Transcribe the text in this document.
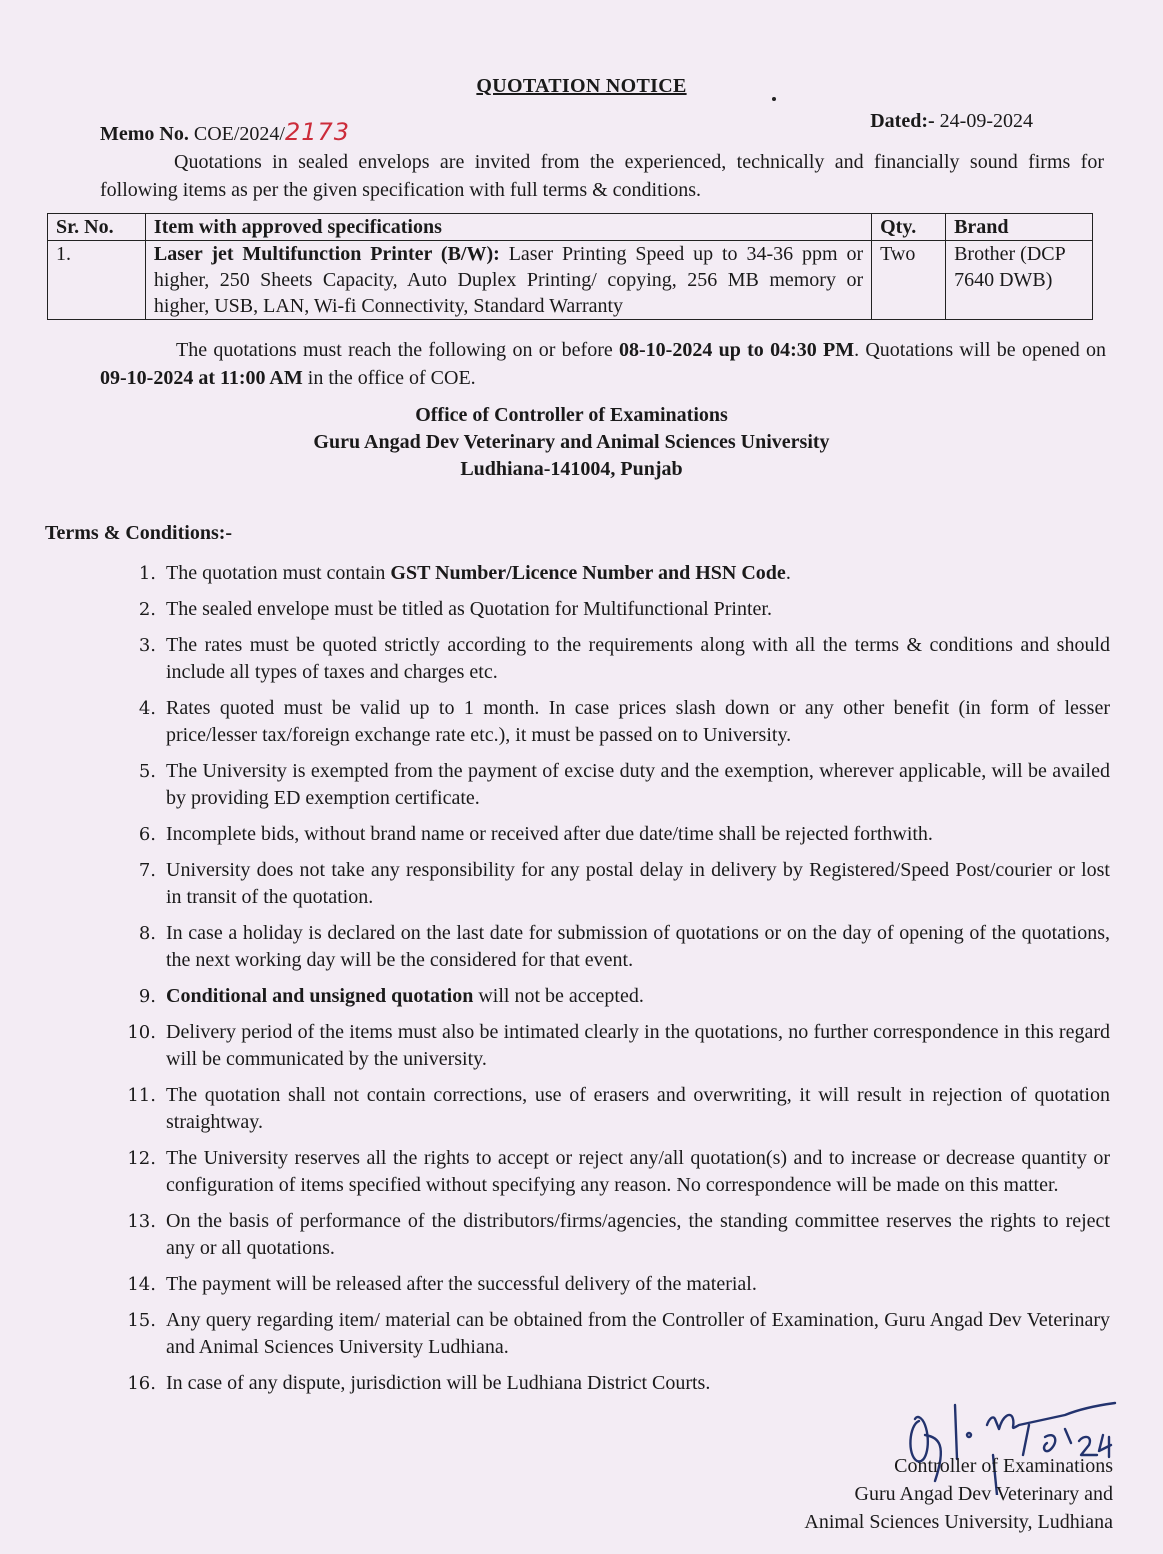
QUOTATION NOTICE
Memo No. COE/2024/2173	Dated:- 24-09-2024

Quotations in sealed envelops are invited from the experienced, technically and financially sound firms for following items as per the given specification with full terms & conditions.

Sr. No.	Item with approved specifications	Qty.	Brand
1.	Laser jet Multifunction Printer (B/W): Laser Printing Speed up to 34-36 ppm or higher, 250 Sheets Capacity, Auto Duplex Printing/ copying, 256 MB memory or higher, USB, LAN, Wi-fi Connectivity, Standard Warranty	Two	Brother (DCP 7640 DWB)

The quotations must reach the following on or before 08-10-2024 up to 04:30 PM. Quotations will be opened on 09-10-2024 at 11:00 AM in the office of COE.

Office of Controller of Examinations
Guru Angad Dev Veterinary and Animal Sciences University
Ludhiana-141004, Punjab
Terms & Conditions:-
1. The quotation must contain GST Number/Licence Number and HSN Code.
2. The sealed envelope must be titled as Quotation for Multifunctional Printer.
3. The rates must be quoted strictly according to the requirements along with all the terms & conditions and should include all types of taxes and charges etc.
4. Rates quoted must be valid up to 1 month. In case prices slash down or any other benefit (in form of lesser price/lesser tax/foreign exchange rate etc.), it must be passed on to University.
5. The University is exempted from the payment of excise duty and the exemption, wherever applicable, will be availed by providing ED exemption certificate.
6. Incomplete bids, without brand name or received after due date/time shall be rejected forthwith.
7. University does not take any responsibility for any postal delay in delivery by Registered/Speed Post/courier or lost in transit of the quotation.
8. In case a holiday is declared on the last date for submission of quotations or on the day of opening of the quotations, the next working day will be the considered for that event.
9. Conditional and unsigned quotation will not be accepted.
10. Delivery period of the items must also be intimated clearly in the quotations, no further correspondence in this regard will be communicated by the university.
11. The quotation shall not contain corrections, use of erasers and overwriting, it will result in rejection of quotation straightway.
12. The University reserves all the rights to accept or reject any/all quotation(s) and to increase or decrease quantity or configuration of items specified without specifying any reason. No correspondence will be made on this matter.
13. On the basis of performance of the distributors/firms/agencies, the standing committee reserves the rights to reject any or all quotations.
14. The payment will be released after the successful delivery of the material.
15. Any query regarding item/ material can be obtained from the Controller of Examination, Guru Angad Dev Veterinary and Animal Sciences University Ludhiana.
16. In case of any dispute, jurisdiction will be Ludhiana District Courts.
Controller of Examinations
Guru Angad Dev Veterinary and
Animal Sciences University, Ludhiana
